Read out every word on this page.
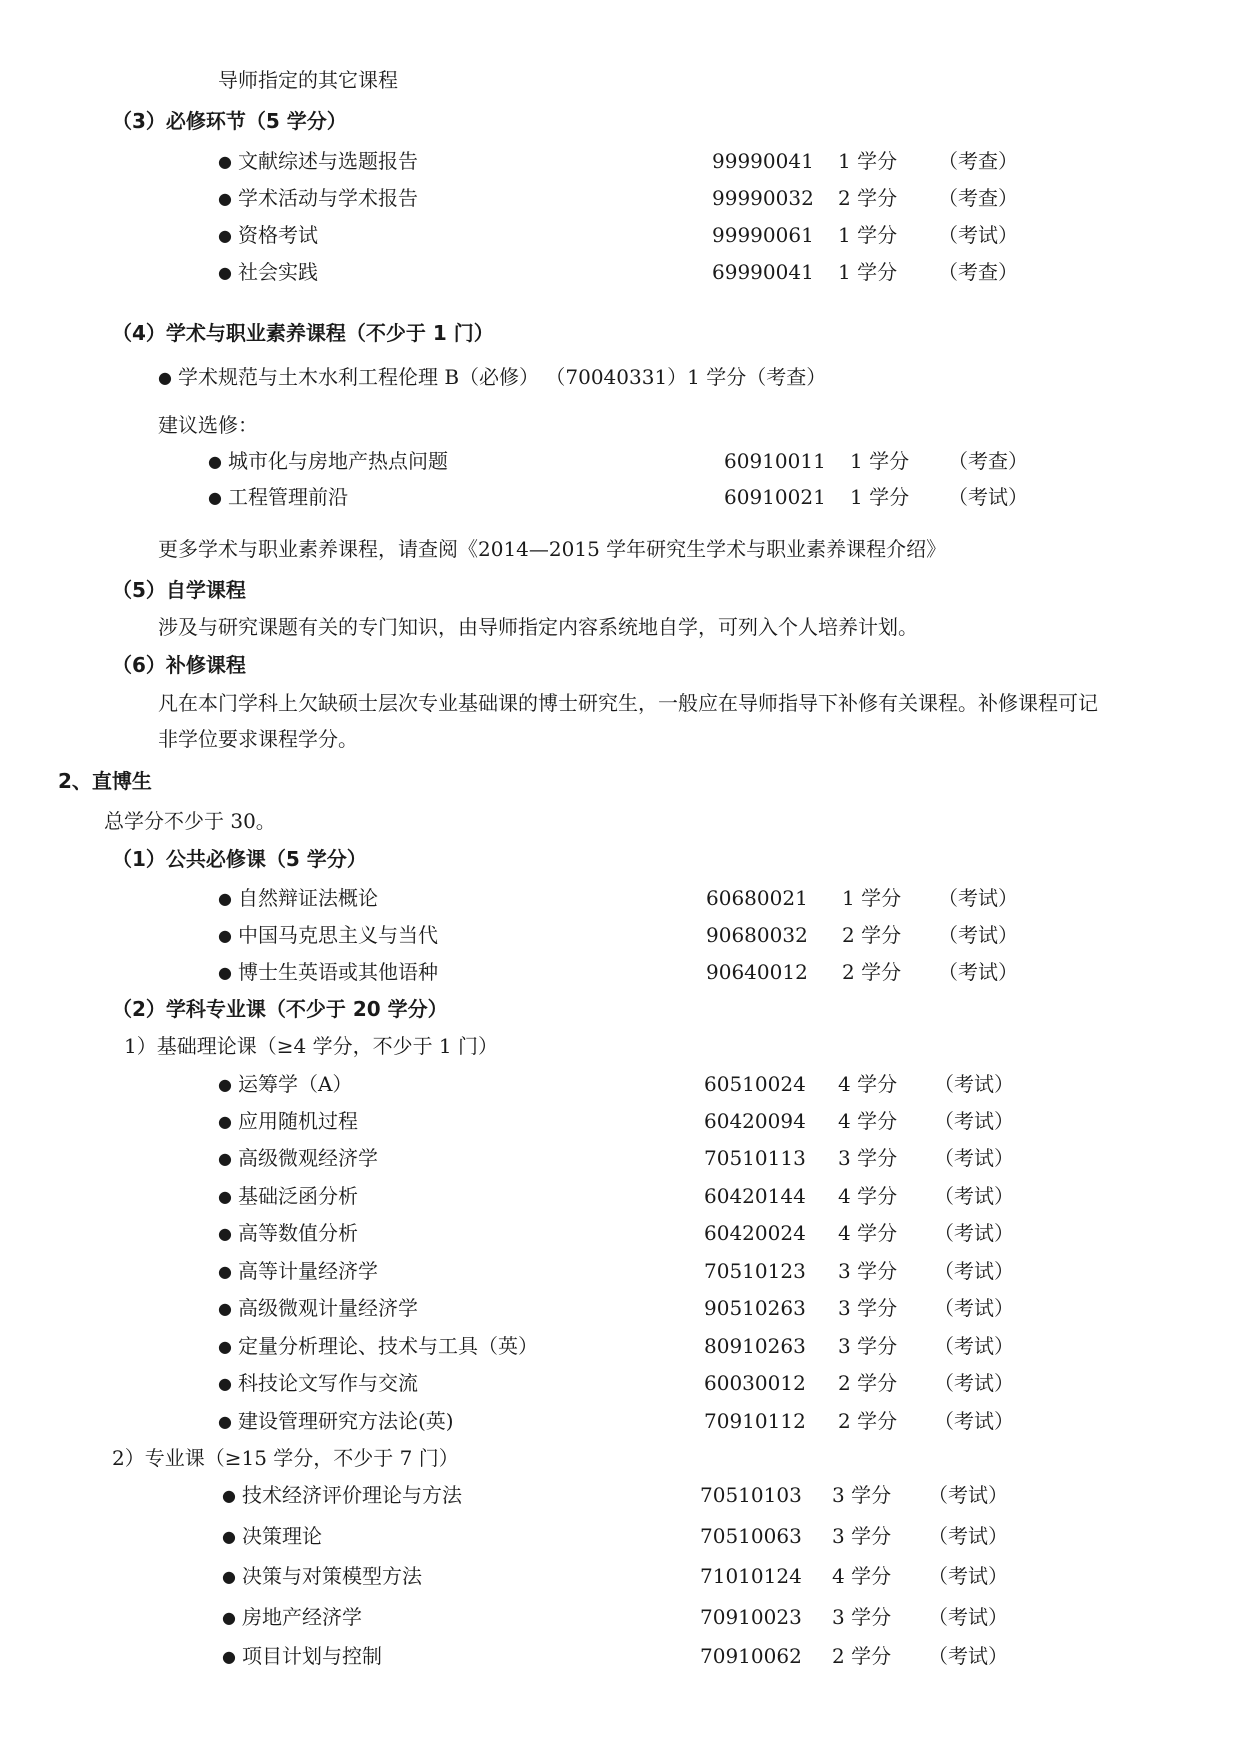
导师指定的其它课程
（3）必修环节（5 学分）
● 文献综述与选题报告	99990041 1 学分 （考查）
● 学术活动与学术报告	99990032 2 学分 （考查）
● 资格考试	99990061 1 学分 （考试）
● 社会实践	69990041 1 学分 （考查）
（4）学术与职业素养课程（不少于 1 门）
● 学术规范与土木水利工程伦理 B（必修） （70040331）1 学分（考查）
建议选修：
● 城市化与房地产热点问题	60910011 1 学分 （考查）
● 工程管理前沿	60910021 1 学分 （考试）
更多学术与职业素养课程，请查阅《2014—2015 学年研究生学术与职业素养课程介绍》
（5）自学课程
涉及与研究课题有关的专门知识，由导师指定内容系统地自学，可列入个人培养计划。
（6）补修课程
凡在本门学科上欠缺硕士层次专业基础课的博士研究生，一般应在导师指导下补修有关课程。补修课程可记
非学位要求课程学分。
2、直博生
总学分不少于 30。
（1）公共必修课（5 学分）
● 自然辩证法概论	60680021 1 学分 （考试）
● 中国马克思主义与当代	90680032 2 学分 （考试）
● 博士生英语或其他语种	90640012 2 学分 （考试）
（2）学科专业课（不少于 20 学分）
1）基础理论课（≥4 学分，不少于 1 门）
● 运筹学（A）	60510024 4 学分 （考试）
● 应用随机过程	60420094 4 学分 （考试）
● 高级微观经济学	70510113 3 学分 （考试）
● 基础泛函分析	60420144 4 学分 （考试）
● 高等数值分析	60420024 4 学分 （考试）
● 高等计量经济学	70510123 3 学分 （考试）
● 高级微观计量经济学	90510263 3 学分 （考试）
● 定量分析理论、技术与工具（英）	80910263 3 学分 （考试）
● 科技论文写作与交流	60030012 2 学分 （考试）
● 建设管理研究方法论(英)	70910112 2 学分 （考试）
2）专业课（≥15 学分，不少于 7 门）
● 技术经济评价理论与方法	70510103 3 学分 （考试）
● 决策理论	70510063 3 学分 （考试）
● 决策与对策模型方法	71010124 4 学分 （考试）
● 房地产经济学	70910023 3 学分 （考试）
● 项目计划与控制	70910062 2 学分 （考试）
